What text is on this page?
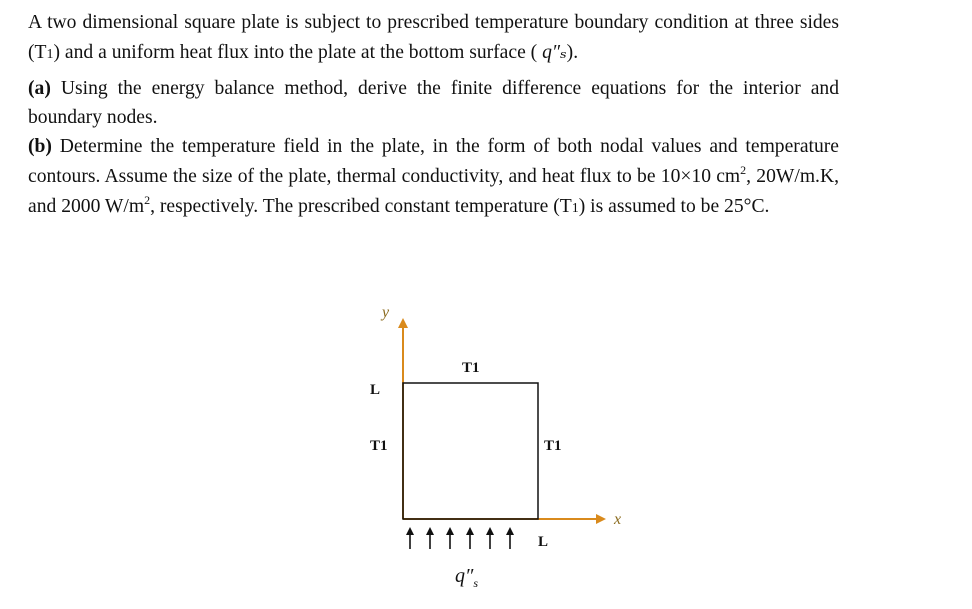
A two dimensional square plate is subject to prescribed temperature boundary condition at three sides (T1) and a uniform heat flux into the plate at the bottom surface ( q″ₛ).

(a) Using the energy balance method, derive the finite difference equations for the interior and boundary nodes.

(b) Determine the temperature field in the plate, in the form of both nodal values and temperature contours. Assume the size of the plate, thermal conductivity, and heat flux to be 10×10 $cm^2$, 20W/m.K, and 2000 $W/m^2$, respectively. The prescribed constant temperature (T1) is assumed to be 25°C.

y
x
T1
T1	T1
L
L
$q''_s$
